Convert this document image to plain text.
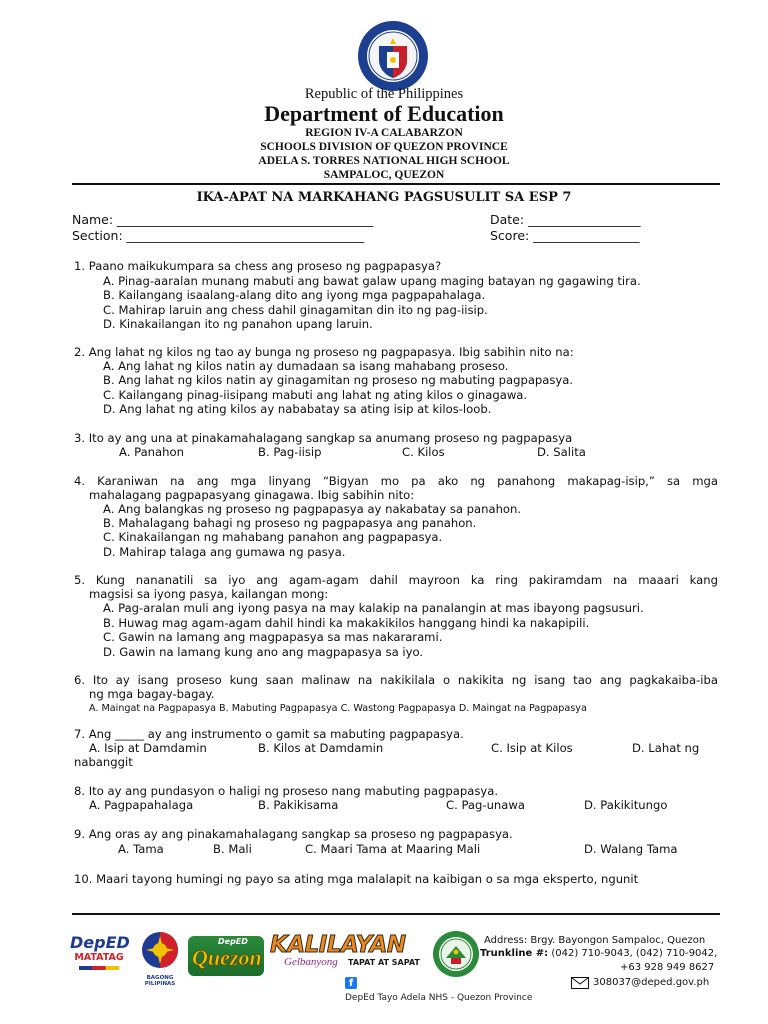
Republic of the Philippines
Department of Education
REGION IV-A CALABARZON
SCHOOLS DIVISION OF QUEZON PROVINCE
ADELA S. TORRES NATIONAL HIGH SCHOOL
SAMPALOC, QUEZON
IKA-APAT NA MARKAHANG PAGSUSULIT SA ESP 7
Name: _________________________________________
Section: ______________________________________
Date: __________________
Score: _________________
1. Paano maikukumpara sa chess ang proseso ng pagpapasya?
A. Pinag-aaralan munang mabuti ang bawat galaw upang maging batayan ng gagawing tira.
B. Kailangang isaalang-alang dito ang iyong mga pagpapahalaga.
C. Mahirap laruin ang chess dahil ginagamitan din ito ng pag-iisip.
D. Kinakailangan ito ng panahon upang laruin.
2. Ang lahat ng kilos ng tao ay bunga ng proseso ng pagpapasya. Ibig sabihin nito na:
A. Ang lahat ng kilos natin ay dumadaan sa isang mahabang proseso.
B. Ang lahat ng kilos natin ay ginagamitan ng proseso ng mabuting pagpapasya.
C. Kailangang pinag-iisipang mabuti ang lahat ng ating kilos o ginagawa.
D. Ang lahat ng ating kilos ay nababatay sa ating isip at kilos-loob.
3. Ito ay ang una at pinakamahalagang sangkap sa anumang proseso ng pagpapasya
A. Panahon	B. Pag-iisip	C. Kilos	D. Salita
4. Karaniwan na ang mga linyang “Bigyan mo pa ako ng panahong makapag-isip,” sa mga
mahalagang pagpapasyang ginagawa. Ibig sabihin nito:
A. Ang balangkas ng proseso ng pagpapasya ay nakabatay sa panahon.
B. Mahalagang bahagi ng proseso ng pagpapasya ang panahon.
C. Kinakailangan ng mahabang panahon ang pagpapasya.
D. Mahirap talaga ang gumawa ng pasya.
5. Kung nananatili sa iyo ang agam-agam dahil mayroon ka ring pakiramdam na maaari kang
magsisi sa iyong pasya, kailangan mong:
A. Pag-aralan muli ang iyong pasya na may kalakip na panalangin at mas ibayong pagsusuri.
B. Huwag mag agam-agam dahil hindi ka makakikilos hanggang hindi ka nakapipili.
C. Gawin na lamang ang magpapasya sa mas nakararami.
D. Gawin na lamang kung ano ang magpapasya sa iyo.
6. Ito ay isang proseso kung saan malinaw na nakikilala o nakikita ng isang tao ang pagkakaiba-iba
ng mga bagay-bagay.
A. Maingat na Pagpapasya B. Mabuting Pagpapasya C. Wastong Pagpapasya D. Maingat na Pagpapasya
7. Ang _____ ay ang instrumento o gamit sa mabuting pagpapasya.
A. Isip at Damdamin	B. Kilos at Damdamin	C. Isip at Kilos	D. Lahat ng
nabanggit
8. Ito ay ang pundasyon o haligi ng proseso nang mabuting pagpapasya.
A. Pagpapahalaga	B. Pakikisama	C. Pag-unawa	D. Pakikitungo
9. Ang oras ay ang pinakamahalagang sangkap sa proseso ng pagpapasya.
A. Tama	B. Mali	C. Maari Tama at Maaring Mali	D. Walang Tama
10. Maari tayong humingi ng payo sa ating mga malalapit na kaibigan o sa mga eksperto, ngunit
DepED
MATATAG
BAGONG PILIPINAS
DepED
Quezon KALILAYAN
Gelbanyong TAPAT AT SAPAT
Address: Brgy. Bayongon Sampaloc, Quezon
Trunkline #: (042) 710-9043, (042) 710-9042,
+63 928 949 8627
308037@deped.gov.ph
f
DepEd Tayo Adela NHS - Quezon Province
